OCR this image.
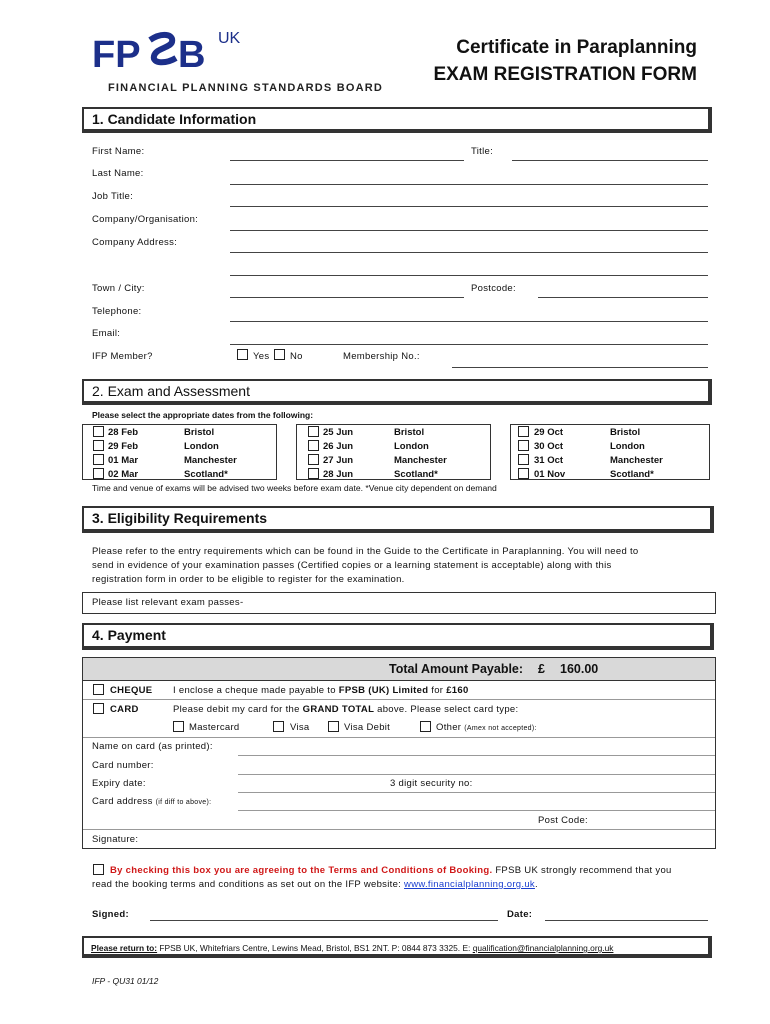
FP B UK
FINANCIAL PLANNING STANDARDS BOARD
Certificate in Paraplanning
EXAM REGISTRATION FORM
1. Candidate Information
First Name:	Title:
Last Name:
Job Title:
Company/Organisation:
Company Address:
Town / City:	Postcode:
Telephone:
Email:
IFP Member?	Yes No	Membership No.:
2. Exam and Assessment
Please select the appropriate dates from the following:
28 Feb	Bristol
29 Feb	London
01 Mar	Manchester
02 Mar	Scotland*
25 Jun	Bristol
26 Jun	London
27 Jun	Manchester
28 Jun	Scotland*
29 Oct	Bristol
30 Oct	London
31 Oct	Manchester
01 Nov	Scotland*
Time and venue of exams will be advised two weeks before exam date. *Venue city dependent on demand
3. Eligibility Requirements
Please refer to the entry requirements which can be found in the Guide to the Certificate in Paraplanning. You will need to
send in evidence of your examination passes (Certified copies or a learning statement is acceptable) along with this
registration form in order to be eligible to register for the examination.
Please list relevant exam passes-
4. Payment
Total Amount Payable: £ 160.00
CHEQUE I enclose a cheque made payable to FPSB (UK) Limited for £160
CARD	Please debit my card for the GRAND TOTAL above. Please select card type:
Mastercard	Visa	Visa Debit	Other (Amex not accepted):
Name on card (as printed):
Card number:
Expiry date:	3 digit security no:
Card address (if diff to above):
Post Code:
Signature:
By checking this box you are agreeing to the Terms and Conditions of Booking. FPSB UK strongly recommend that you
read the booking terms and conditions as set out on the IFP website: www.financialplanning.org.uk.
Signed:	Date:
Please return to: FPSB UK, Whitefriars Centre, Lewins Mead, Bristol, BS1 2NT. P: 0844 873 3325. E: qualification@financialplanning.org.uk
IFP - QU31 01/12
